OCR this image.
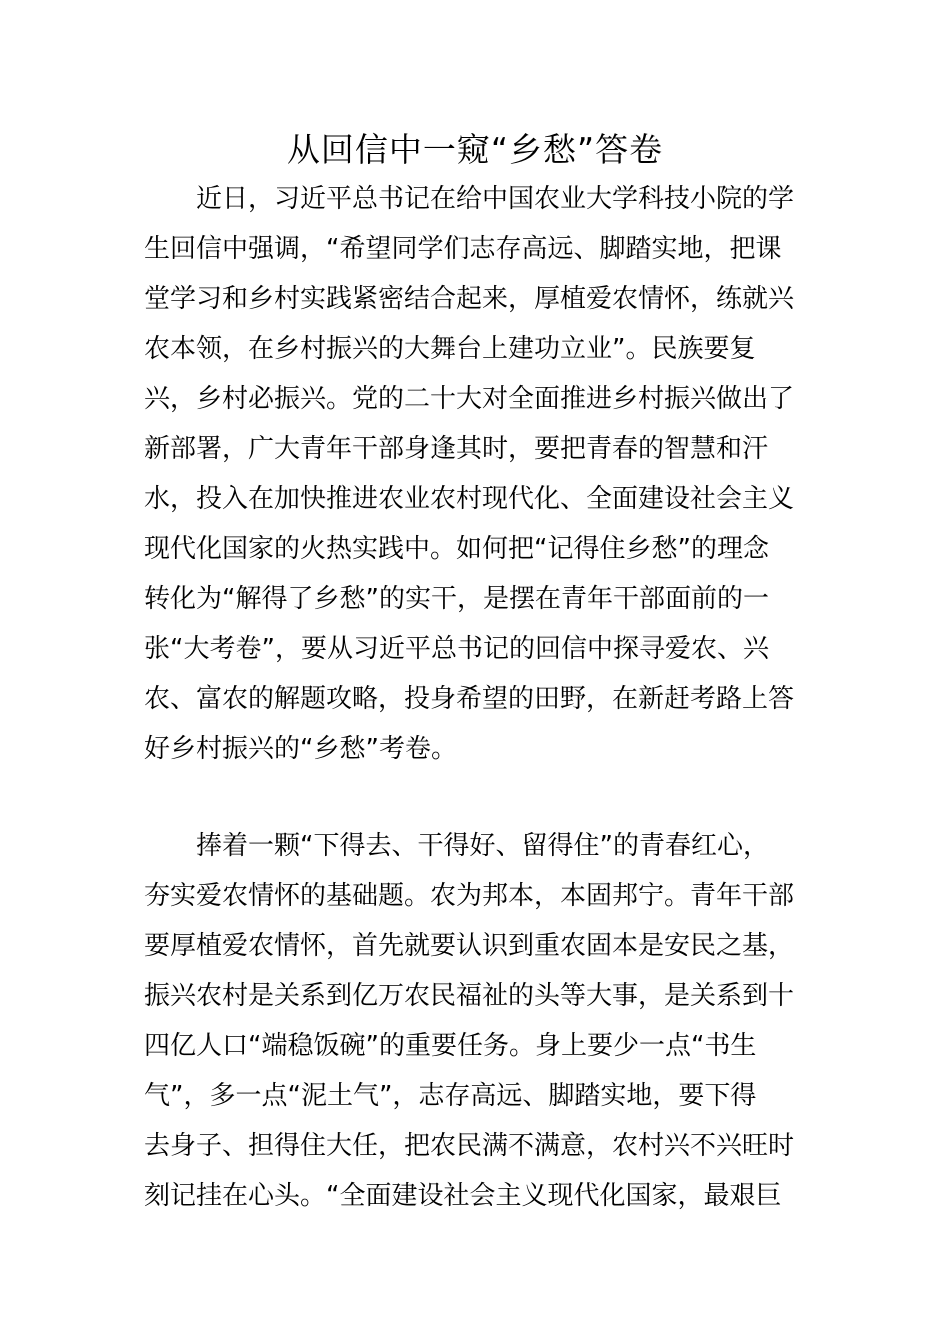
从回信中一窥“乡愁”答卷
近日，习近平总书记在给中国农业大学科技小院的学
生回信中强调，“希望同学们志存高远、脚踏实地，把课
堂学习和乡村实践紧密结合起来，厚植爱农情怀，练就兴
农本领，在乡村振兴的大舞台上建功立业”。民族要复
兴，乡村必振兴。党的二十大对全面推进乡村振兴做出了
新部署，广大青年干部身逢其时，要把青春的智慧和汗
水，投入在加快推进农业农村现代化、全面建设社会主义
现代化国家的火热实践中。如何把“记得住乡愁”的理念
转化为“解得了乡愁”的实干，是摆在青年干部面前的一
张“大考卷”，要从习近平总书记的回信中探寻爱农、兴
农、富农的解题攻略，投身希望的田野，在新赶考路上答
好乡村振兴的“乡愁”考卷。
捧着一颗“下得去、干得好、留得住”的青春红心，
夯实爱农情怀的基础题。农为邦本，本固邦宁。青年干部
要厚植爱农情怀，首先就要认识到重农固本是安民之基，
振兴农村是关系到亿万农民福祉的头等大事，是关系到十
四亿人口“端稳饭碗”的重要任务。身上要少一点“书生
气”，多一点“泥土气”，志存高远、脚踏实地，要下得
去身子、担得住大任，把农民满不满意，农村兴不兴旺时
刻记挂在心头。“全面建设社会主义现代化国家，最艰巨
